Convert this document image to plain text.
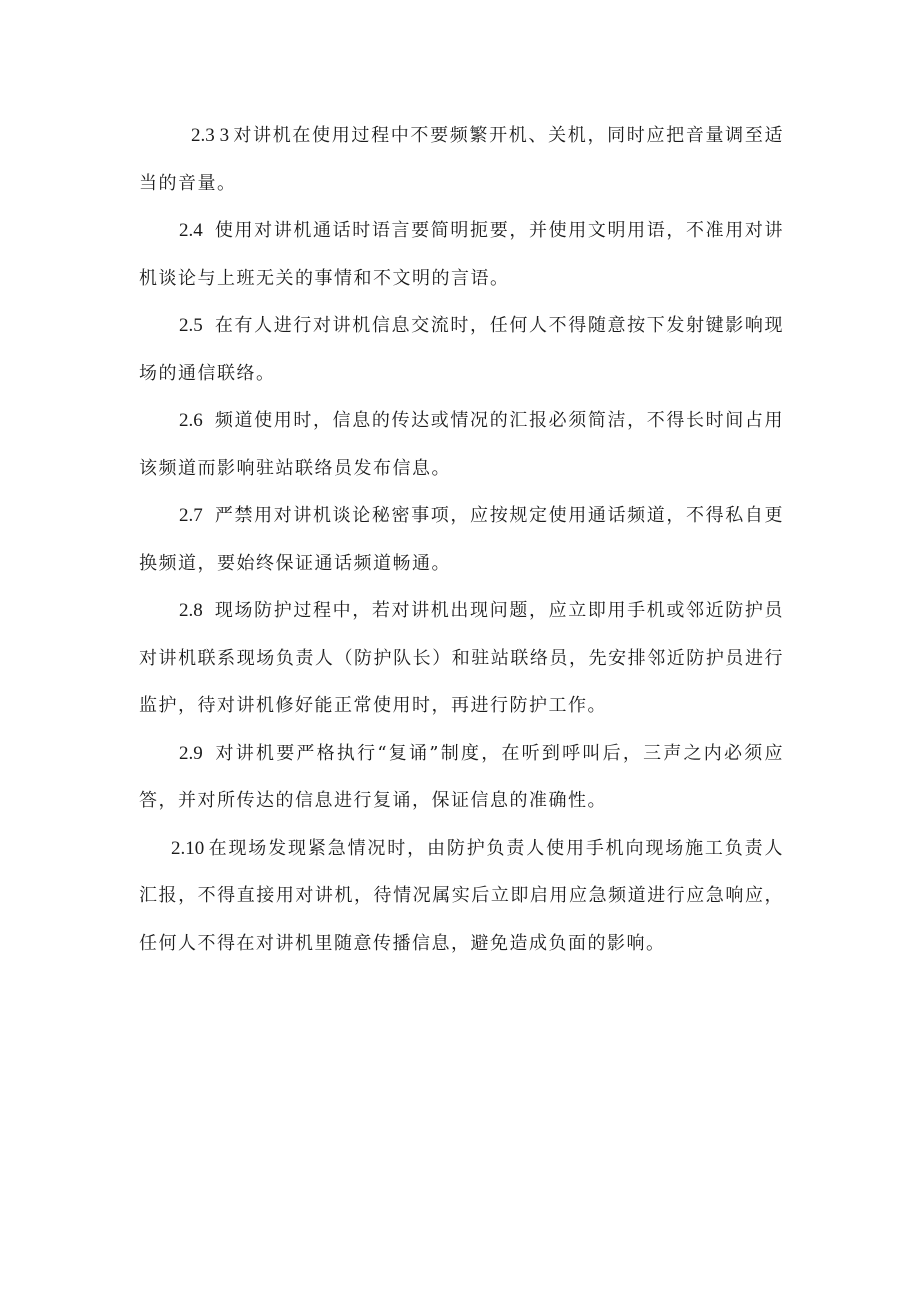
2.3 3 对讲机在使用过程中不要频繁开机、关机，同时应把音量调至适当的音量。

2.4 使用对讲机通话时语言要简明扼要，并使用文明用语，不准用对讲机谈论与上班无关的事情和不文明的言语。

2.5 在有人进行对讲机信息交流时，任何人不得随意按下发射键影响现场的通信联络。

2.6 频道使用时，信息的传达或情况的汇报必须简洁，不得长时间占用该频道而影响驻站联络员发布信息。

2.7 严禁用对讲机谈论秘密事项，应按规定使用通话频道，不得私自更换频道，要始终保证通话频道畅通。

2.8 现场防护过程中，若对讲机出现问题，应立即用手机或邻近防护员对讲机联系现场负责人（防护队长）和驻站联络员，先安排邻近防护员进行监护，待对讲机修好能正常使用时，再进行防护工作。

2.9 对讲机要严格执行“复诵”制度，在听到呼叫后，三声之内必须应答，并对所传达的信息进行复诵，保证信息的准确性。

2.10 在现场发现紧急情况时，由防护负责人使用手机向现场施工负责人汇报，不得直接用对讲机，待情况属实后立即启用应急频道进行应急响应，任何人不得在对讲机里随意传播信息，避免造成负面的影响。
